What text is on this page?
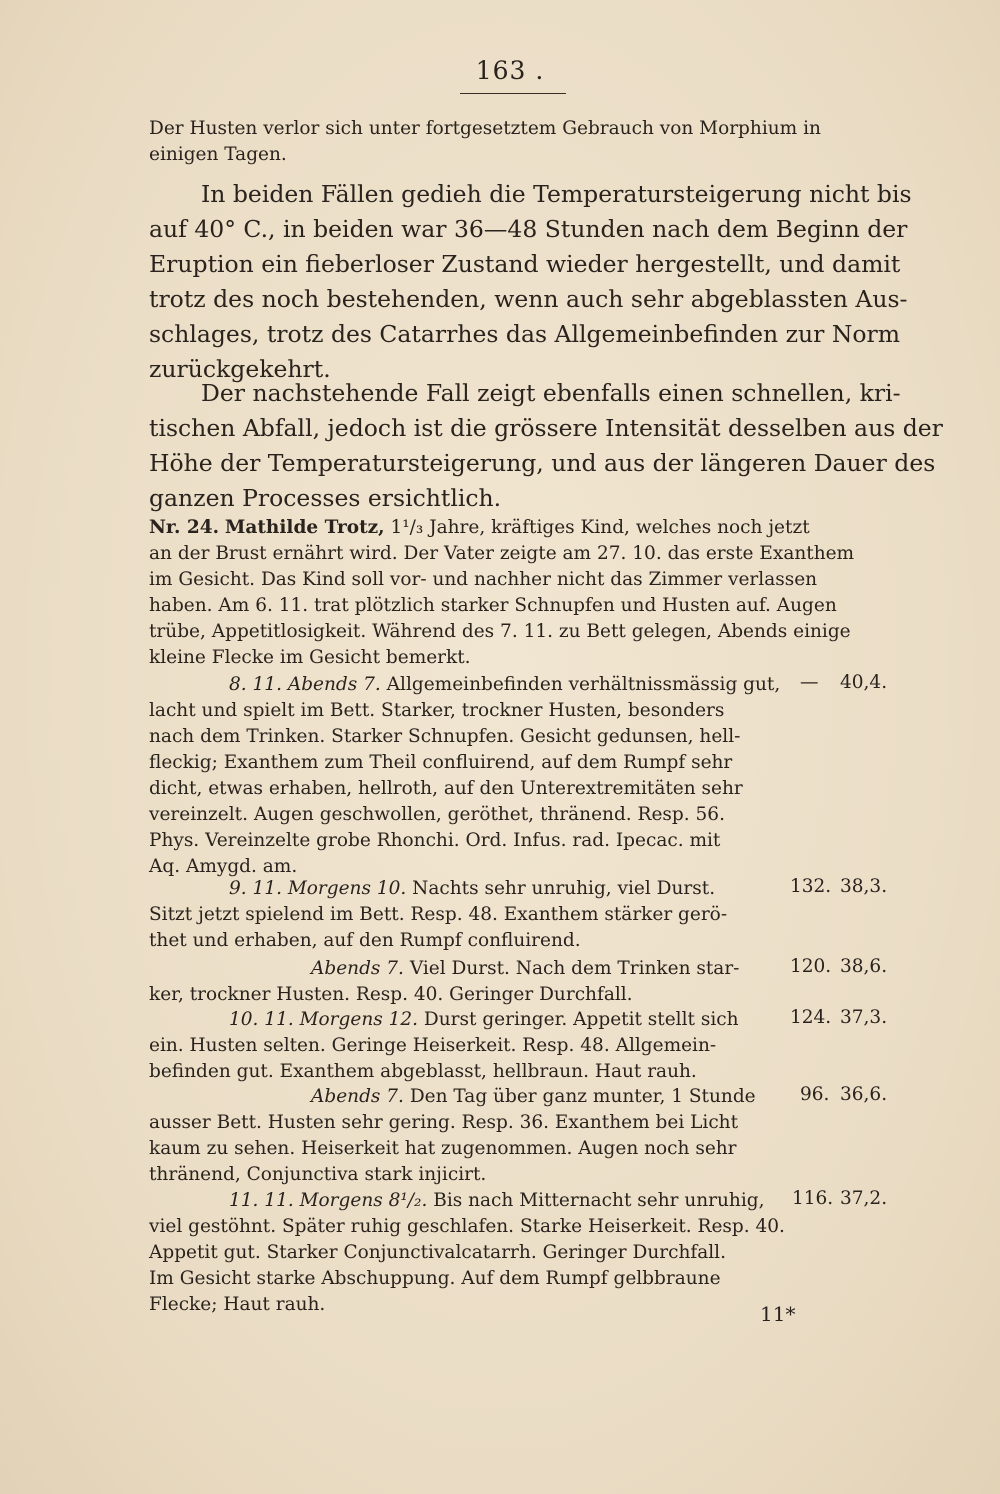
163 .
Der Husten verlor sich unter fortgesetztem Gebrauch von Morphium in
einigen Tagen.
In beiden Fällen gedieh die Temperatursteigerung nicht bis
auf 40° C., in beiden war 36—48 Stunden nach dem Beginn der
Eruption ein fieberloser Zustand wieder hergestellt, und damit
trotz des noch bestehenden, wenn auch sehr abgeblassten Aus-
schlages, trotz des Catarrhes das Allgemeinbefinden zur Norm
zurückgekehrt.
Der nachstehende Fall zeigt ebenfalls einen schnellen, kri-
tischen Abfall, jedoch ist die grössere Intensität desselben aus der
Höhe der Temperatursteigerung, und aus der längeren Dauer des
ganzen Processes ersichtlich.
Nr. 24. Mathilde Trotz, 1¹/₃ Jahre, kräftiges Kind, welches noch jetzt
an der Brust ernährt wird. Der Vater zeigte am 27. 10. das erste Exanthem
im Gesicht. Das Kind soll vor- und nachher nicht das Zimmer verlassen
haben. Am 6. 11. trat plötzlich starker Schnupfen und Husten auf. Augen
trübe, Appetitlosigkeit. Während des 7. 11. zu Bett gelegen, Abends einige
kleine Flecke im Gesicht bemerkt.
8. 11. Abends 7. Allgemeinbefinden verhältnissmässig gut,
lacht und spielt im Bett. Starker, trockner Husten, besonders
nach dem Trinken. Starker Schnupfen. Gesicht gedunsen, hell-
fleckig; Exanthem zum Theil confluirend, auf dem Rumpf sehr
dicht, etwas erhaben, hellroth, auf den Unterextremitäten sehr
vereinzelt. Augen geschwollen, geröthet, thränend. Resp. 56.
Phys. Vereinzelte grobe Rhonchi. Ord. Infus. rad. Ipecac. mit
Aq. Amygd. am.
— 40,4.
9. 11. Morgens 10. Nachts sehr unruhig, viel Durst.
Sitzt jetzt spielend im Bett. Resp. 48. Exanthem stärker gerö-
thet und erhaben, auf den Rumpf confluirend.
132. 38,3.
Abends 7. Viel Durst. Nach dem Trinken star-
ker, trockner Husten. Resp. 40. Geringer Durchfall.
120. 38,6.
10. 11. Morgens 12. Durst geringer. Appetit stellt sich
ein. Husten selten. Geringe Heiserkeit. Resp. 48. Allgemein-
befinden gut. Exanthem abgeblasst, hellbraun. Haut rauh.
124. 37,3.
Abends 7. Den Tag über ganz munter, 1 Stunde
ausser Bett. Husten sehr gering. Resp. 36. Exanthem bei Licht
kaum zu sehen. Heiserkeit hat zugenommen. Augen noch sehr
thränend, Conjunctiva stark injicirt.
96. 36,6.
11. 11. Morgens 8¹/₂. Bis nach Mitternacht sehr unruhig,
viel gestöhnt. Später ruhig geschlafen. Starke Heiserkeit. Resp. 40.
Appetit gut. Starker Conjunctivalcatarrh. Geringer Durchfall.
Im Gesicht starke Abschuppung. Auf dem Rumpf gelbbraune
Flecke; Haut rauh.
116. 37,2.
11*
